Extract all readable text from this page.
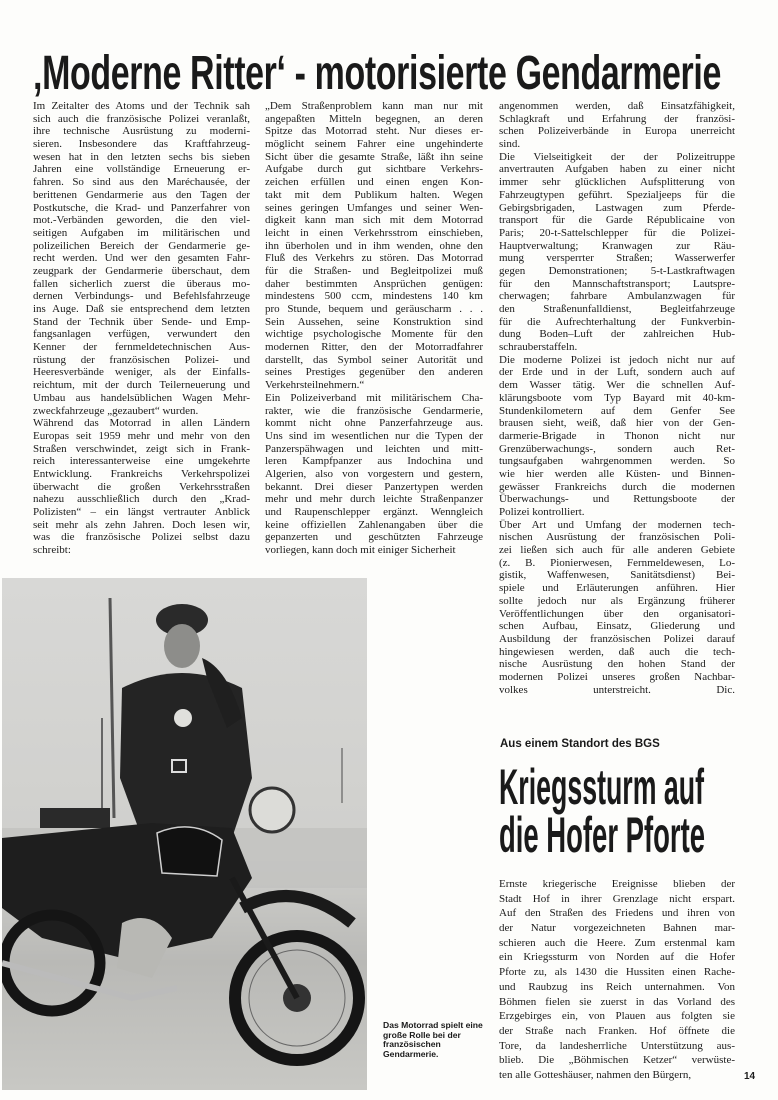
‚Moderne Ritter‘ - motorisierte Gendarmerie
Im Zeitalter des Atoms und der Technik sah
sich auch die französische Polizei veranlaßt,
ihre technische Ausrüstung zu moderni-
sieren. Insbesondere das Kraftfahrzeug-
wesen hat in den letzten sechs bis sieben
Jahren eine vollständige Erneuerung er-
fahren. So sind aus den Maréchausée, der
berittenen Gendarmerie aus den Tagen der
Postkutsche, die Krad- und Panzerfahrer von
mot.-Verbänden geworden, die den viel-
seitigen Aufgaben im militärischen und
polizeilichen Bereich der Gendarmerie ge-
recht werden. Und wer den gesamten Fahr-
zeugpark der Gendarmerie überschaut, dem
fallen sicherlich zuerst die überaus mo-
dernen Verbindungs- und Befehlsfahrzeuge
ins Auge. Daß sie entsprechend dem letzten
Stand der Technik über Sende- und Emp-
fangsanlagen verfügen, verwundert den
Kenner der fernmeldetechnischen Aus-
rüstung der französischen Polizei- und
Heeresverbände weniger, als der Einfalls-
reichtum, mit der durch Teilerneuerung und
Umbau aus handelsüblichen Wagen Mehr-
zweckfahrzeuge „gezaubert“ wurden.
Während das Motorrad in allen Ländern
Europas seit 1959 mehr und mehr von den
Straßen verschwindet, zeigt sich in Frank-
reich interessanterweise eine umgekehrte
Entwicklung. Frankreichs Verkehrspolizei
überwacht die großen Verkehrsstraßen
nahezu ausschließlich durch den „Krad-
Polizisten“ – ein längst vertrauter Anblick
seit mehr als zehn Jahren. Doch lesen wir,
was die französische Polizei selbst dazu
schreibt:
„Dem Straßenproblem kann man nur mit
angepaßten Mitteln begegnen, an deren
Spitze das Motorrad steht. Nur dieses er-
möglicht seinem Fahrer eine ungehinderte
Sicht über die gesamte Straße, läßt ihn seine
Aufgabe durch gut sichtbare Verkehrs-
zeichen erfüllen und einen engen Kon-
takt mit dem Publikum halten. Wegen
seines geringen Umfanges und seiner Wen-
digkeit kann man sich mit dem Motorrad
leicht in einen Verkehrsstrom einschieben,
ihn überholen und in ihm wenden, ohne den
Fluß des Verkehrs zu stören. Das Motorrad
für die Straßen- und Begleitpolizei muß
daher bestimmten Ansprüchen genügen:
mindestens 500 ccm, mindestens 140 km
pro Stunde, bequem und geräuscharm . . .
Sein Aussehen, seine Konstruktion sind
wichtige psychologische Momente für den
modernen Ritter, den der Motorradfahrer
darstellt, das Symbol seiner Autorität und
seines Prestiges gegenüber den anderen
Verkehrsteilnehmern.“
Ein Polizeiverband mit militärischem Cha-
rakter, wie die französische Gendarmerie,
kommt nicht ohne Panzerfahrzeuge aus.
Uns sind im wesentlichen nur die Typen der
Panzerspähwagen und leichten und mitt-
leren Kampfpanzer aus Indochina und
Algerien, also von vorgestern und gestern,
bekannt. Drei dieser Panzertypen werden
mehr und mehr durch leichte Straßenpanzer
und Raupenschlepper ergänzt. Wenngleich
keine offiziellen Zahlenangaben über die
gepanzerten und geschützten Fahrzeuge
vorliegen, kann doch mit einiger Sicherheit
angenommen werden, daß Einsatzfähigkeit,
Schlagkraft und Erfahrung der französi-
schen Polizeiverbände in Europa unerreicht
sind.
Die Vielseitigkeit der der Polizeitruppe
anvertrauten Aufgaben haben zu einer nicht
immer sehr glücklichen Aufsplitterung von
Fahrzeugtypen geführt. Spezialjeeps für die
Gebirgsbrigaden, Lastwagen zum Pferde-
transport für die Garde Républicaine von
Paris; 20-t-Sattelschlepper für die Polizei-
Hauptverwaltung; Kranwagen zur Räu-
mung versperrter Straßen; Wasserwerfer
gegen Demonstrationen; 5-t-Lastkraftwagen
für den Mannschaftstransport; Lautspre-
cherwagen; fahrbare Ambulanzwagen für
den Straßenunfalldienst, Begleitfahrzeuge
für die Aufrechterhaltung der Funkverbin-
dung Boden–Luft der zahlreichen Hub-
schrauberstaffeln.
Die moderne Polizei ist jedoch nicht nur auf
der Erde und in der Luft, sondern auch auf
dem Wasser tätig. Wer die schnellen Auf-
klärungsboote vom Typ Bayard mit 40-km-
Stundenkilometern auf dem Genfer See
brausen sieht, weiß, daß hier von der Gen-
darmerie-Brigade in Thonon nicht nur
Grenzüberwachungs-, sondern auch Ret-
tungsaufgaben wahrgenommen werden. So
wie hier werden alle Küsten- und Binnen-
gewässer Frankreichs durch die modernen
Überwachungs- und Rettungsboote der
Polizei kontrolliert.
Über Art und Umfang der modernen tech-
nischen Ausrüstung der französischen Poli-
zei ließen sich auch für alle anderen Gebiete
(z. B. Pionierwesen, Fernmeldewesen, Lo-
gistik, Waffenwesen, Sanitätsdienst) Bei-
spiele und Erläuterungen anführen. Hier
sollte jedoch nur als Ergänzung früherer
Veröffentlichungen über den organisatori-
schen Aufbau, Einsatz, Gliederung und
Ausbildung der französischen Polizei darauf
hingewiesen werden, daß auch die tech-
nische Ausrüstung den hohen Stand der
modernen Polizei unseres großen Nachbar-
volkes unterstreicht. Dic.
Das Motorrad spielt eine große Rolle bei der französischen Gendarmerie.
Aus einem Standort des BGS
Kriegssturm auf
die Hofer Pforte
Ernste kriegerische Ereignisse blieben der
Stadt Hof in ihrer Grenzlage nicht erspart.
Auf den Straßen des Friedens und ihren von
der Natur vorgezeichneten Bahnen mar-
schieren auch die Heere. Zum erstenmal kam
ein Kriegssturm von Norden auf die Hofer
Pforte zu, als 1430 die Hussiten einen Rache-
und Raubzug ins Reich unternahmen. Von
Böhmen fielen sie zuerst in das Vorland des
Erzgebirges ein, von Plauen aus folgten sie
der Straße nach Franken. Hof öffnete die
Tore, da landesherrliche Unterstützung aus-
blieb. Die „Böhmischen Ketzer“ verwüste-
ten alle Gotteshäuser, nahmen den Bürgern,	14
